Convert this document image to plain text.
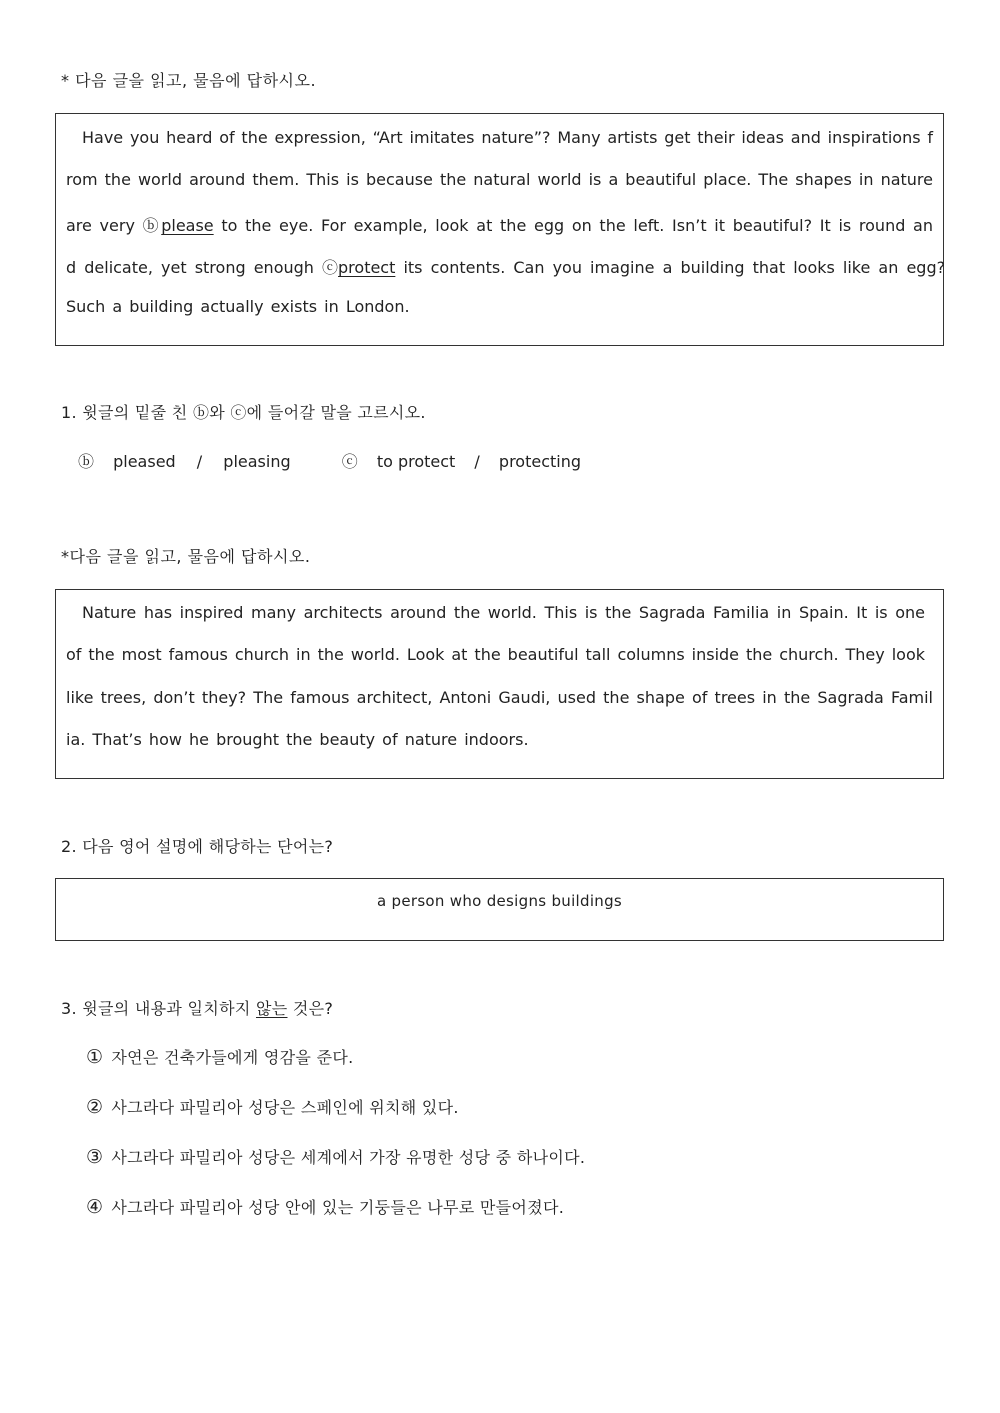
* 다음 글을 읽고, 물음에 답하시오.
Have you heard of the expression, “Art imitates nature”? Many artists get their ideas and inspirations f
rom the world around them. This is because the natural world is a beautiful place. The shapes in nature
are very ⓑplease to the eye. For example, look at the egg on the left. Isn’t it beautiful? It is round an
d delicate, yet strong enough ⓒprotect its contents. Can you imagine a building that looks like an egg?
Such a building actually exists in London.
1. 윗글의 밑줄 친 ⓑ와 ⓒ에 들어갈 말을 고르시오.
ⓑ pleased / pleasing	ⓒ to protect / protecting
*다음 글을 읽고, 물음에 답하시오.
Nature has inspired many architects around the world. This is the Sagrada Familia in Spain. It is one
of the most famous church in the world. Look at the beautiful tall columns inside the church. They look
like trees, don’t they? The famous architect, Antoni Gaudi, used the shape of trees in the Sagrada Famil
ia. That’s how he brought the beauty of nature indoors.
2. 다음 영어 설명에 해당하는 단어는?
a person who designs buildings
3. 윗글의 내용과 일치하지 않는 것은?
① 자연은 건축가들에게 영감을 준다.
② 사그라다 파밀리아 성당은 스페인에 위치해 있다.
③ 사그라다 파밀리아 성당은 세계에서 가장 유명한 성당 중 하나이다.
④ 사그라다 파밀리아 성당 안에 있는 기둥들은 나무로 만들어졌다.
